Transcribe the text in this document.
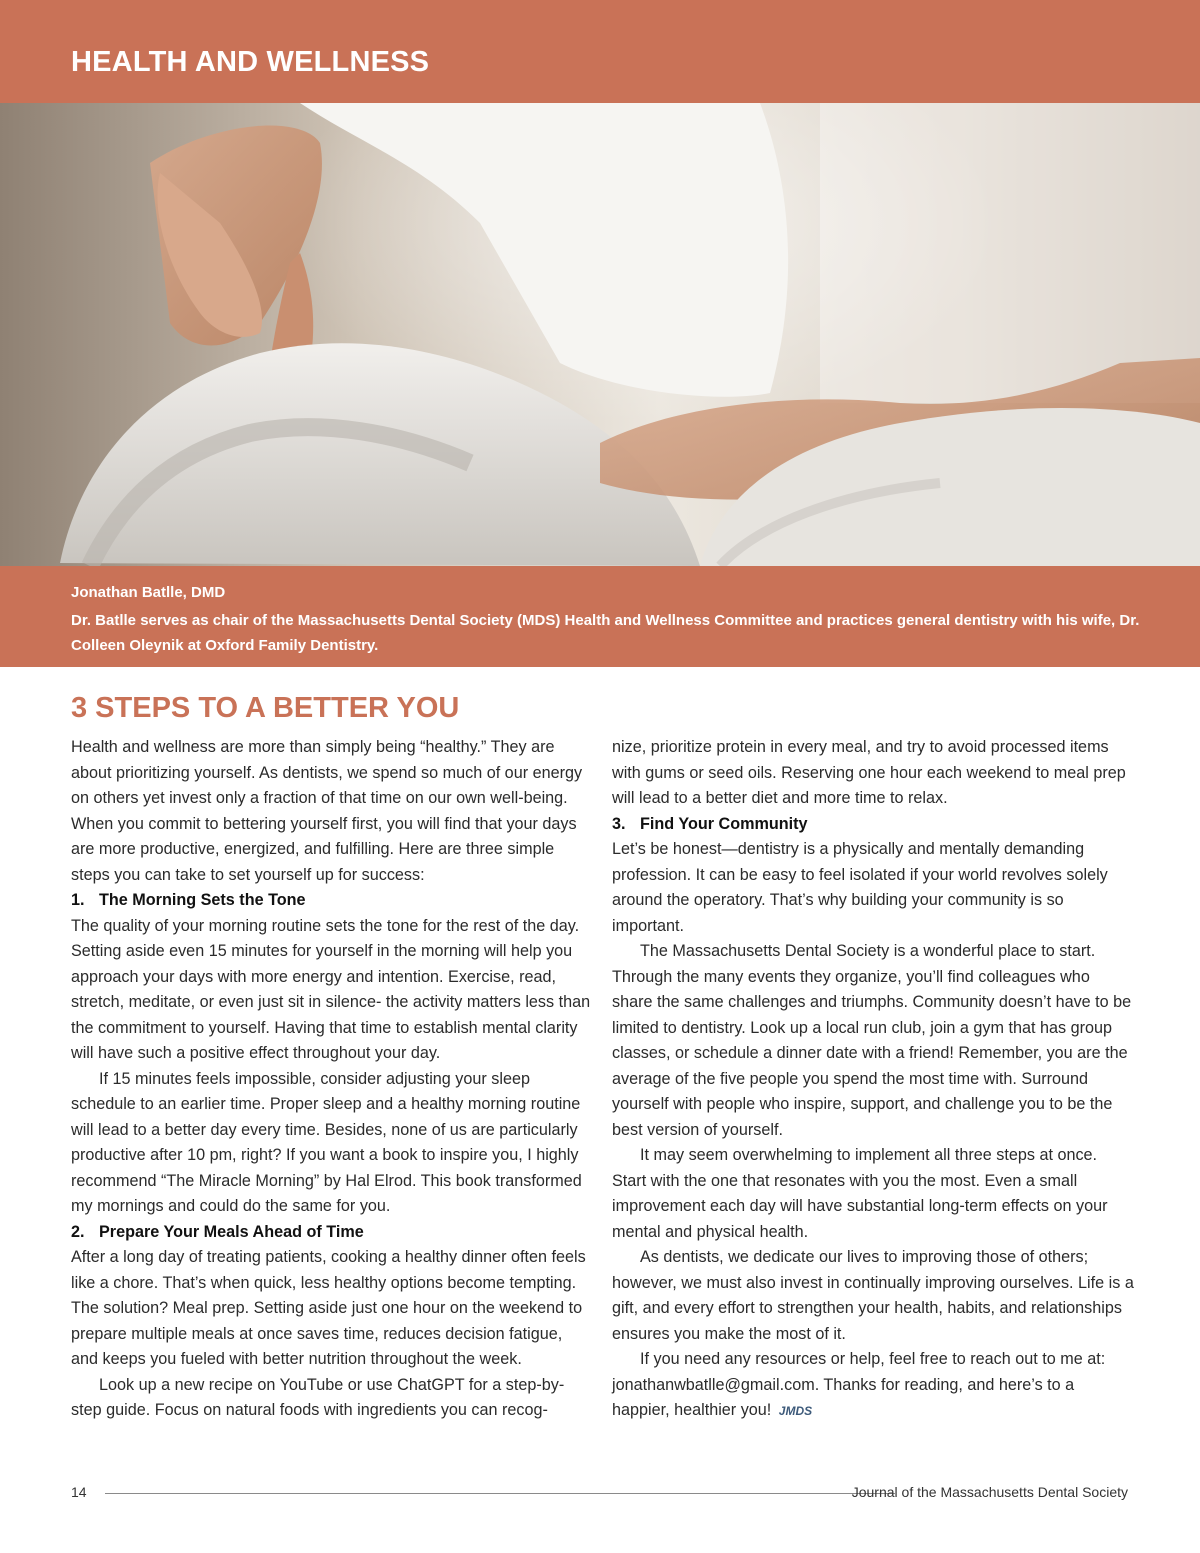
HEALTH AND WELLNESS

Jonathan Batlle, DMD

Dr. Batlle serves as chair of the Massachusetts Dental Society (MDS) Health and Wellness Committee and practices general dentistry with his wife, Dr. Colleen Oleynik at Oxford Family Dentistry.

3 STEPS TO A BETTER YOU

Health and wellness are more than simply being “healthy.” They are about prioritizing yourself. As dentists, we spend so much of our energy on others yet invest only a fraction of that time on our own well-being. When you commit to bettering yourself first, you will find that your days are more productive, energized, and fulfilling. Here are three simple steps you can take to set yourself up for success:

1. The Morning Sets the Tone

The quality of your morning routine sets the tone for the rest of the day. Setting aside even 15 minutes for yourself in the morning will help you approach your days with more energy and intention. Exercise, read, stretch, meditate, or even just sit in silence- the activity matters less than the commitment to yourself. Having that time to establish mental clarity will have such a positive effect throughout your day.

If 15 minutes feels impossible, consider adjusting your sleep schedule to an earlier time. Proper sleep and a healthy morning routine will lead to a better day every time. Besides, none of us are particularly productive after 10 pm, right? If you want a book to inspire you, I highly recommend “The Miracle Morning” by Hal Elrod. This book transformed my mornings and could do the same for you.

2. Prepare Your Meals Ahead of Time

After a long day of treating patients, cooking a healthy dinner often feels like a chore. That’s when quick, less healthy options become tempting. The solution? Meal prep. Setting aside just one hour on the weekend to prepare multiple meals at once saves time, reduces decision fatigue, and keeps you fueled with better nutrition throughout the week.

Look up a new recipe on YouTube or use ChatGPT for a step-by-step guide. Focus on natural foods with ingredients you can recog-

nize, prioritize protein in every meal, and try to avoid processed items with gums or seed oils. Reserving one hour each weekend to meal prep will lead to a better diet and more time to relax.

3. Find Your Community

Let’s be honest—dentistry is a physically and mentally demanding profession. It can be easy to feel isolated if your world revolves solely around the operatory. That’s why building your community is so important.

The Massachusetts Dental Society is a wonderful place to start. Through the many events they organize, you’ll find colleagues who share the same challenges and triumphs. Community doesn’t have to be limited to dentistry. Look up a local run club, join a gym that has group classes, or schedule a dinner date with a friend! Remember, you are the average of the five people you spend the most time with. Surround yourself with people who inspire, support, and challenge you to be the best version of yourself.

It may seem overwhelming to implement all three steps at once. Start with the one that resonates with you the most. Even a small improvement each day will have substantial long-term effects on your mental and physical health.

As dentists, we dedicate our lives to improving those of others; however, we must also invest in continually improving ourselves. Life is a gift, and every effort to strengthen your health, habits, and relationships ensures you make the most of it.

If you need any resources or help, feel free to reach out to me at: jonathanwbatlle@gmail.com. Thanks for reading, and here’s to a happier, healthier you! JMDS

14	Journal of the Massachusetts Dental Society
